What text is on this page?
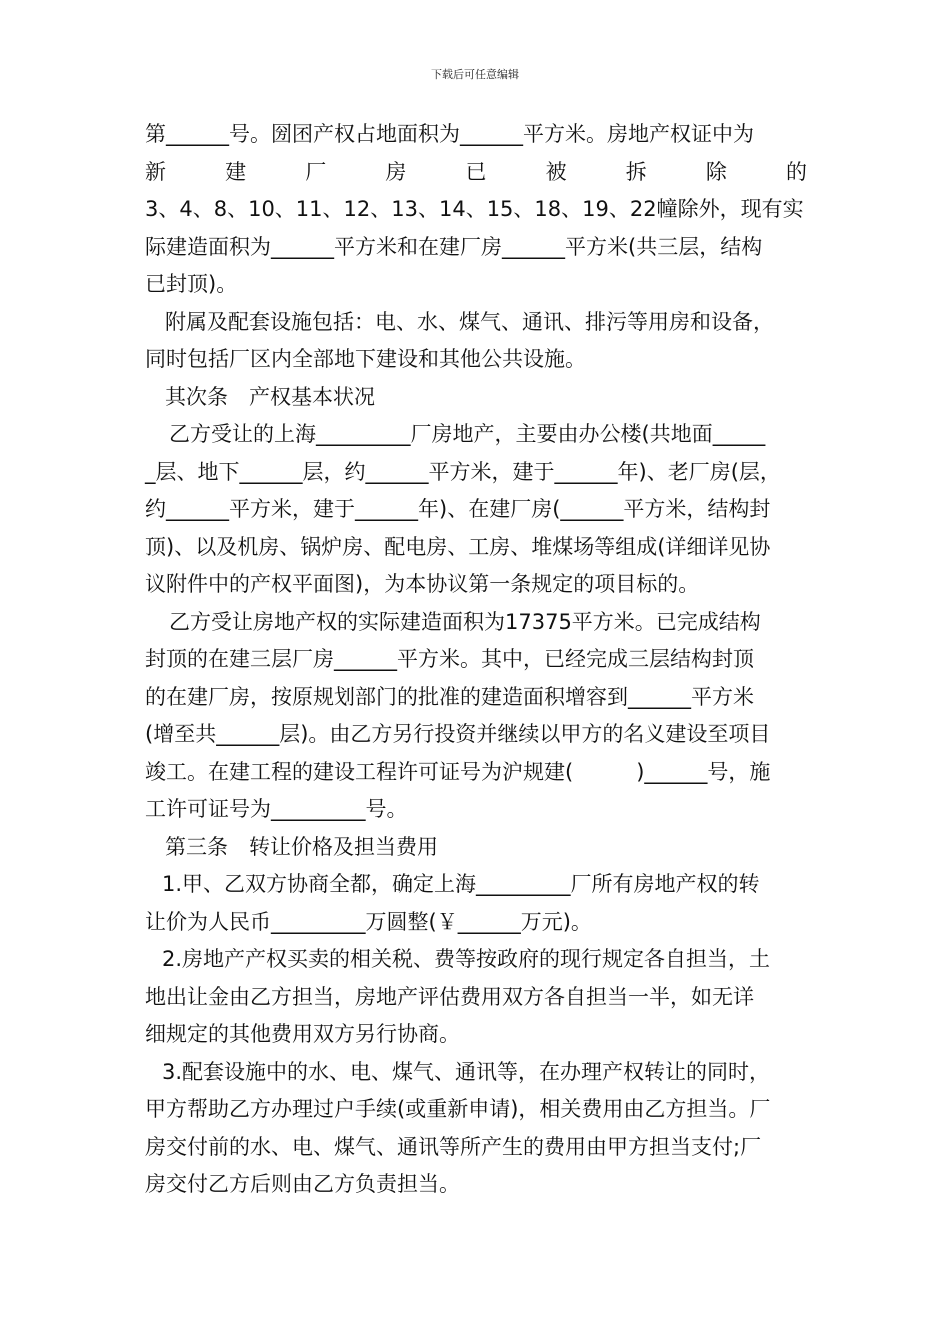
下载后可任意编辑
第______号。圀囨产权占地面积为______平方米。房地产权证中为
新	建	厂	房	已	被	拆	除	的
3、4、8、10、11、12、13、14、15、18、19、22幢除外，现有实
际建造面积为______平方米和在建厂房______平方米(共三层，结构
已封顶)。
附属及配套设施包括：电、水、煤气、通讯、排污等用房和设备，
同时包括厂区内全部地下建设和其他公共设施。
其次条　产权基本状况
乙方受让的上海_________厂房地产，主要由办公楼(共地面_____
_层、地下______层，约______平方米，建于______年)、老厂房(层，
约______平方米，建于______年)、在建厂房(______平方米，结构封
顶)、以及机房、锅炉房、配电房、工房、堆煤场等组成(详细详见协
议附件中的产权平面图)，为本协议第一条规定的项目标的。
乙方受让房地产权的实际建造面积为17375平方米。已完成结构
封顶的在建三层厂房______平方米。其中，已经完成三层结构封顶
的在建厂房，按原规划部门的批准的建造面积增容到______平方米
(增至共______层)。由乙方另行投资并继续以甲方的名义建设至项目
竣工。在建工程的建设工程许可证号为沪规建(　　　)______号，施
工许可证号为_________号。
第三条　转让价格及担当费用
1.甲、乙双方协商全都，确定上海_________厂所有房地产权的转
让价为人民币_________万圆整(￥______万元)。
2.房地产产权买卖的相关税、费等按政府的现行规定各自担当，土
地出让金由乙方担当，房地产评估费用双方各自担当一半，如无详
细规定的其他费用双方另行协商。
3.配套设施中的水、电、煤气、通讯等，在办理产权转让的同时，
甲方帮助乙方办理过户手续(或重新申请)，相关费用由乙方担当。厂
房交付前的水、电、煤气、通讯等所产生的费用由甲方担当支付;厂
房交付乙方后则由乙方负责担当。
